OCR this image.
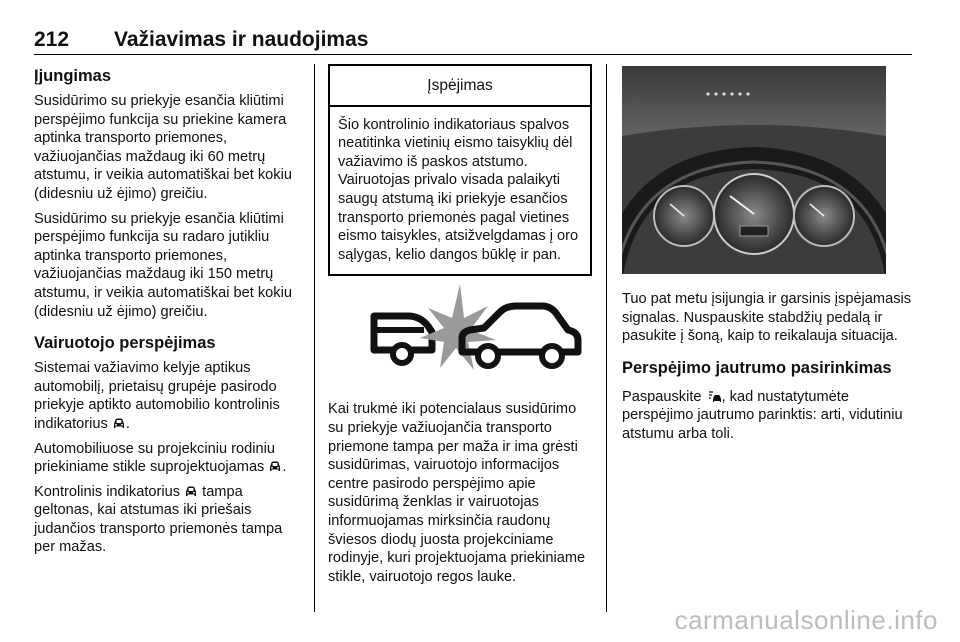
212 Važiavimas ir naudojimas
Įjungimas

Susidūrimo su priekyje esančia kliūtimi perspėjimo funkcija su priekine kamera aptinka transporto priemones, važiuojančias maždaug iki 60 metrų atstumu, ir veikia automatiškai bet kokiu (didesniu už ėjimo) greičiu.

Susidūrimo su priekyje esančia kliūtimi perspėjimo funkcija su radaro jutikliu aptinka transporto priemones, važiuojančias maždaug iki 150 metrų atstumu, ir veikia automatiškai bet kokiu (didesniu už ėjimo) greičiu.

Vairuotojo perspėjimas

Sistemai važiavimo kelyje aptikus automobilį, prietaisų grupėje pasirodo priekyje aptikto automobilio kontrolinis indikatorius .

Automobiliuose su projekciniu rodiniu priekiniame stikle suprojektuojamas .

Kontrolinis indikatorius tampa geltonas, kai atstumas iki priešais judančios transporto priemonės tampa per mažas.

Įspėjimas
Šio kontrolinio indikatoriaus spalvos neatitinka vietinių eismo taisyklių dėl važiavimo iš paskos atstumo. Vairuotojas privalo visada palaikyti saugų atstumą iki priekyje esančios transporto priemonės pagal vietines eismo taisykles, atsižvelgdamas į oro sąlygas, kelio dangos būklę ir pan.

Kai trukmė iki potencialaus susidūrimo su priekyje važiuojančia transporto priemone tampa per maža ir ima grėsti susidūrimas, vairuotojo informacijos centre pasirodo perspėjimo apie susidūrimą ženklas ir vairuotojas informuojamas mirksinčia raudonų šviesos diodų juosta projekciniame rodinyje, kuri projektuojama priekiniame stikle, vairuotojo regos lauke.

Tuo pat metu įsijungia ir garsinis įspėjamasis signalas. Nuspauskite stabdžių pedalą ir pasukite į šoną, kaip to reikalauja situacija.

Perspėjimo jautrumo pasirinkimas

Paspauskite , kad nustatytumėte perspėjimo jautrumo parinktis: arti, vidutiniu atstumu arba toli.

carmanualsonline.info
